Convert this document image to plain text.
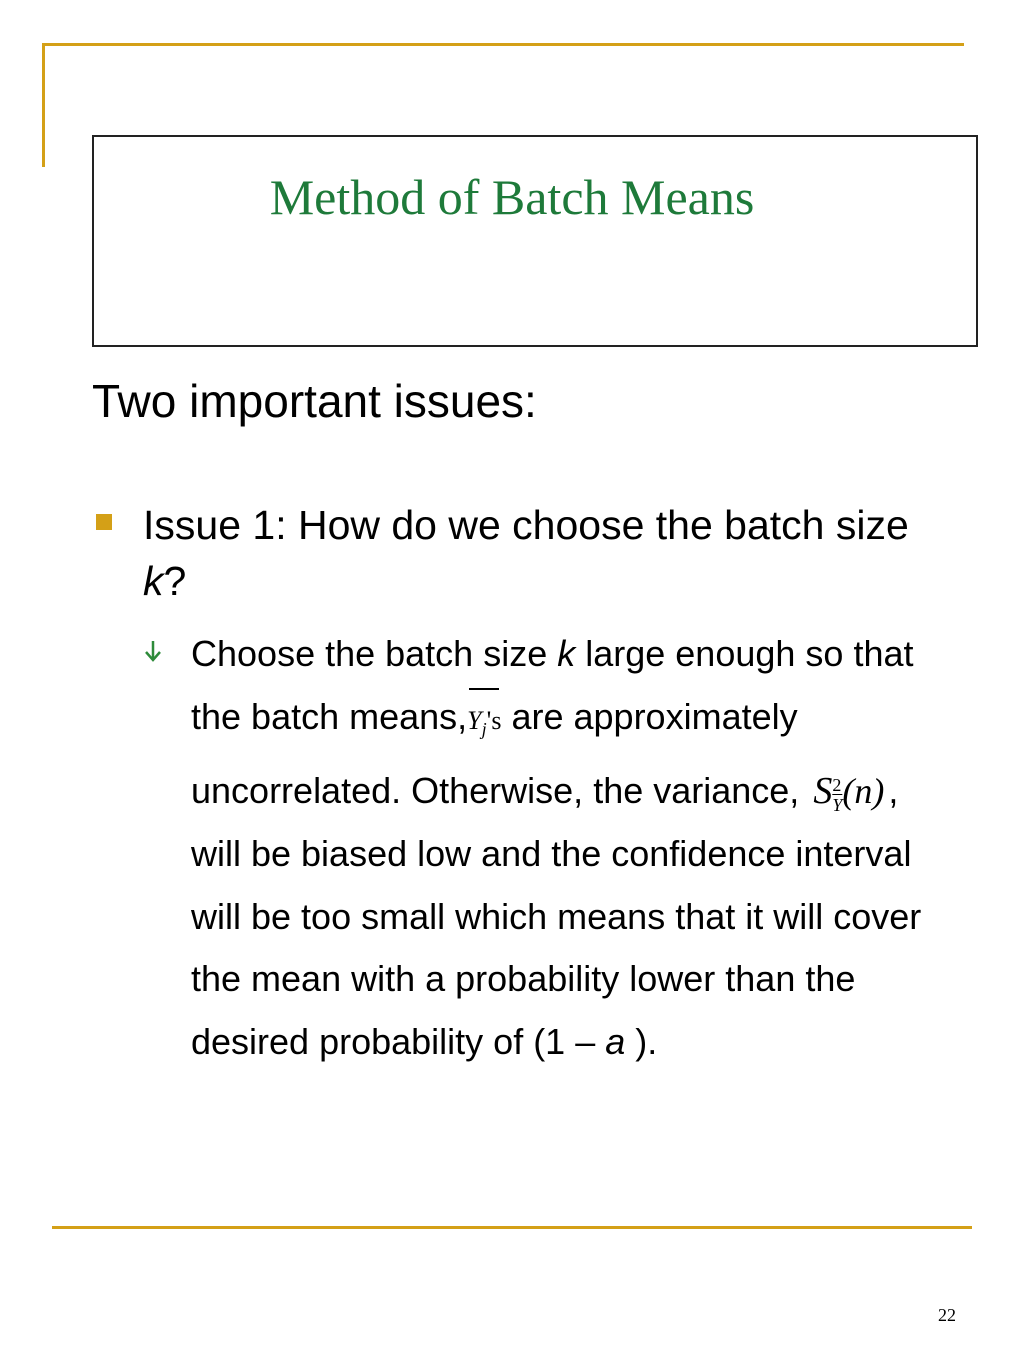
Method of Batch Means
Two important issues:
Issue 1: How do we choose the batch size k?
Choose the batch size k large enough so that the batch means,
$Y_j's$ are approximately uncorrelated. Otherwise, the variance, S $\frac{2}{Y} (n)$ , will be biased low and the confidence interval will be too small which means that it will cover the mean with a probability lower than the desired probability of (1 – a ).
22
